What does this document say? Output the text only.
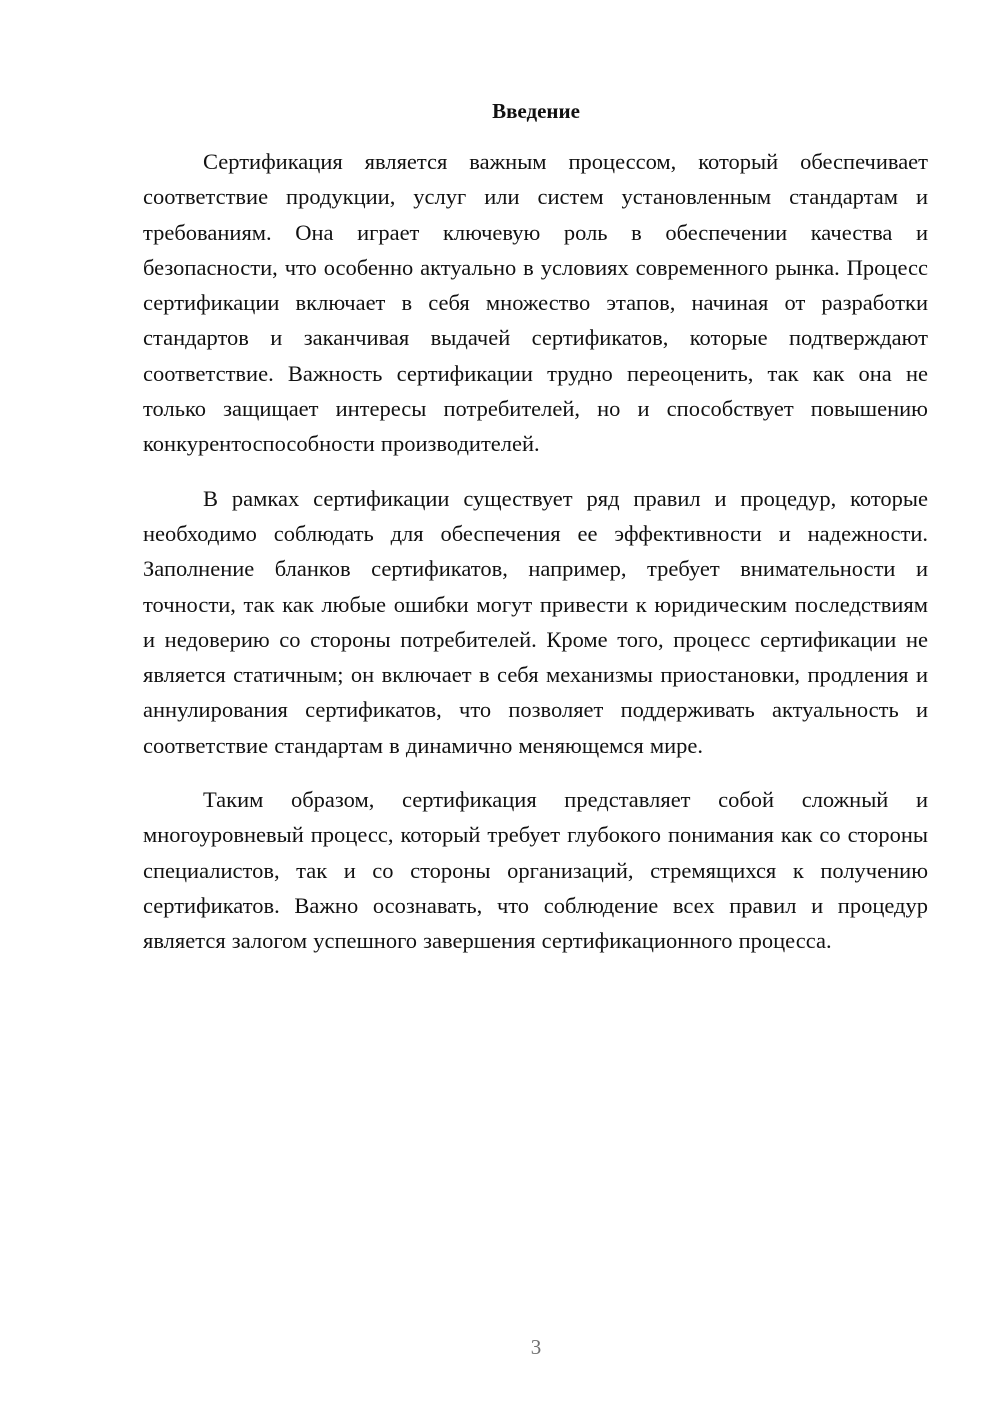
Введение

Сертификация является важным процессом, который обеспечивает соответствие продукции, услуг или систем установленным стандартам и требованиям. Она играет ключевую роль в обеспечении качества и безопасности, что особенно актуально в условиях современного рынка. Процесс сертификации включает в себя множество этапов, начиная от разработки стандартов и заканчивая выдачей сертификатов, которые подтверждают соответствие. Важность сертификации трудно переоценить, так как она не только защищает интересы потребителей, но и способствует повышению конкурентоспособности производителей.

В рамках сертификации существует ряд правил и процедур, которые необходимо соблюдать для обеспечения ее эффективности и надежности. Заполнение бланков сертификатов, например, требует внимательности и точности, так как любые ошибки могут привести к юридическим последствиям и недоверию со стороны потребителей. Кроме того, процесс сертификации не является статичным; он включает в себя механизмы приостановки, продления и аннулирования сертификатов, что позволяет поддерживать актуальность и соответствие стандартам в динамично меняющемся мире.

Таким образом, сертификация представляет собой сложный и многоуровневый процесс, который требует глубокого понимания как со стороны специалистов, так и со стороны организаций, стремящихся к получению сертификатов. Важно осознавать, что соблюдение всех правил и процедур является залогом успешного завершения сертификационного процесса.

3
